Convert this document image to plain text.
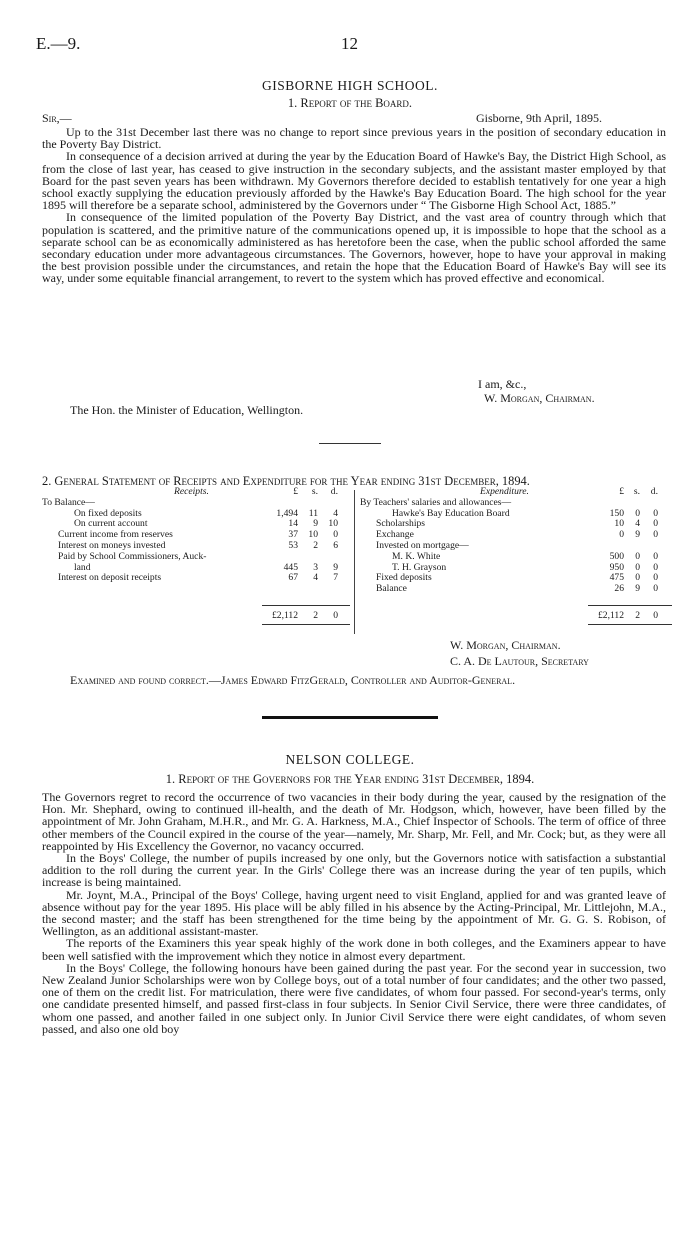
E.—9.	12
GISBORNE HIGH SCHOOL.
1. Report of the Board.
Sir,—	Gisborne, 9th April, 1895.

Up to the 31st December last there was no change to report since previous years in the position of secondary education in the Poverty Bay District.

In consequence of a decision arrived at during the year by the Education Board of Hawke's Bay, the District High School, as from the close of last year, has ceased to give instruction in the secondary subjects, and the assistant master employed by that Board for the past seven years has been withdrawn. My Governors therefore decided to establish tentatively for one year a high school exactly supplying the education previously afforded by the Hawke's Bay Education Board. The high school for the year 1895 will therefore be a separate school, administered by the Governors under “ The Gisborne High School Act, 1885.”

In consequence of the limited population of the Poverty Bay District, and the vast area of country through which that population is scattered, and the primitive nature of the communications opened up, it is impossible to hope that the school as a separate school can be as economically administered as has heretofore been the case, when the public school afforded the same secondary education under more advantageous circumstances. The Governors, however, hope to have your approval in making the best provision possible under the circumstances, and retain the hope that the Education Board of Hawke's Bay will see its way, under some equitable financial arrangement, to revert to the system which has proved effective and economical.

I am, &c.,
W. Morgan, Chairman.
The Hon. the Minister of Education, Wellington.
2. General Statement of Receipts and Expenditure for the Year ending 31st December, 1894.
Receipts.	£	s.	d.
To Balance—
On fixed deposits	1,494	11	4
On current account	14	9	10
Current income from reserves	37	10	0
Interest on moneys invested	53	2	6
Paid by School Commissioners, Auck-
land	445	3	9
Interest on deposit receipts	67	4	7
£2,112	2	0
Expenditure.	£	s.	d.
By Teachers' salaries and allowances—
Hawke's Bay Education Board	150	0	0
Scholarships	10	4	0
Exchange	0	9	0
Invested on mortgage—
M. K. White	500	0	0
T. H. Grayson	950	0	0
Fixed deposits	475	0	0
Balance	26	9	0
£2,112	2	0
W. Morgan, Chairman.
C. A. De Lautour, Secretary
Examined and found correct.—James Edward FitzGerald, Controller and Auditor-General.
NELSON COLLEGE.
1. Report of the Governors for the Year ending 31st December, 1894.

The Governors regret to record the occurrence of two vacancies in their body during the year, caused by the resignation of the Hon. Mr. Shephard, owing to continued ill-health, and the death of Mr. Hodgson, which, however, have been filled by the appointment of Mr. John Graham, M.H.R., and Mr. G. A. Harkness, M.A., Chief Inspector of Schools. The term of office of three other members of the Council expired in the course of the year—namely, Mr. Sharp, Mr. Fell, and Mr. Cock; but, as they were all reappointed by His Excellency the Governor, no vacancy occurred.

In the Boys' College, the number of pupils increased by one only, but the Governors notice with satisfaction a substantial addition to the roll during the current year. In the Girls' College there was an increase during the year of ten pupils, which increase is being maintained.

Mr. Joynt, M.A., Principal of the Boys' College, having urgent need to visit England, applied for and was granted leave of absence without pay for the year 1895. His place will be ably filled in his absence by the Acting-Principal, Mr. Littlejohn, M.A., the second master; and the staff has been strengthened for the time being by the appointment of Mr. G. G. S. Robison, of Wellington, as an additional assistant-master.

The reports of the Examiners this year speak highly of the work done in both colleges, and the Examiners appear to have been well satisfied with the improvement which they notice in almost every department.

In the Boys' College, the following honours have been gained during the past year. For the second year in succession, two New Zealand Junior Scholarships were won by College boys, out of a total number of four candidates; and the other two passed, one of them on the credit list. For matriculation, there were five candidates, of whom four passed. For second-year's terms, only one candidate presented himself, and passed first-class in four subjects. In Senior Civil Service, there were three candidates, of whom one passed, and another failed in one subject only. In Junior Civil Service there were eight candidates, of whom seven passed, and also one old boy
